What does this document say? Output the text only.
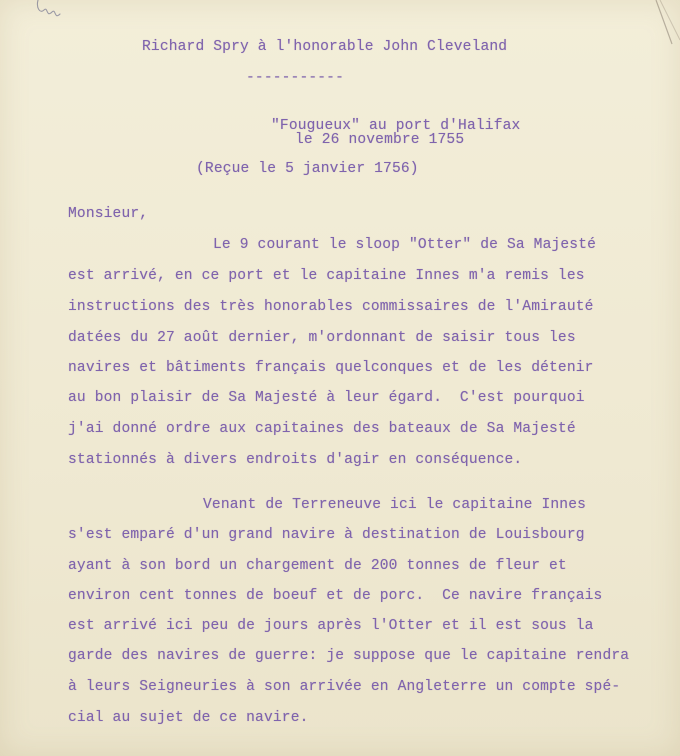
Richard Spry à l'honorable John Cleveland
-----------
"Fougueux" au port d'Halifax
le 26 novembre 1755
(Reçue le 5 janvier 1756)
Monsieur,
Le 9 courant le sloop "Otter" de Sa Majesté
est arrivé, en ce port et le capitaine Innes m'a remis les
instructions des très honorables commissaires de l'Amirauté
datées du 27 août dernier, m'ordonnant de saisir tous les
navires et bâtiments français quelconques et de les détenir
au bon plaisir de Sa Majesté à leur égard.  C'est pourquoi
j'ai donné ordre aux capitaines des bateaux de Sa Majesté
stationnés à divers endroits d'agir en conséquence.
Venant de Terreneuve ici le capitaine Innes
s'est emparé d'un grand navire à destination de Louisbourg
ayant à son bord un chargement de 200 tonnes de fleur et
environ cent tonnes de boeuf et de porc.  Ce navire français
est arrivé ici peu de jours après l'Otter et il est sous la
garde des navires de guerre: je suppose que le capitaine rendra
à leurs Seigneuries à son arrivée en Angleterre un compte spé-
cial au sujet de ce navire.
